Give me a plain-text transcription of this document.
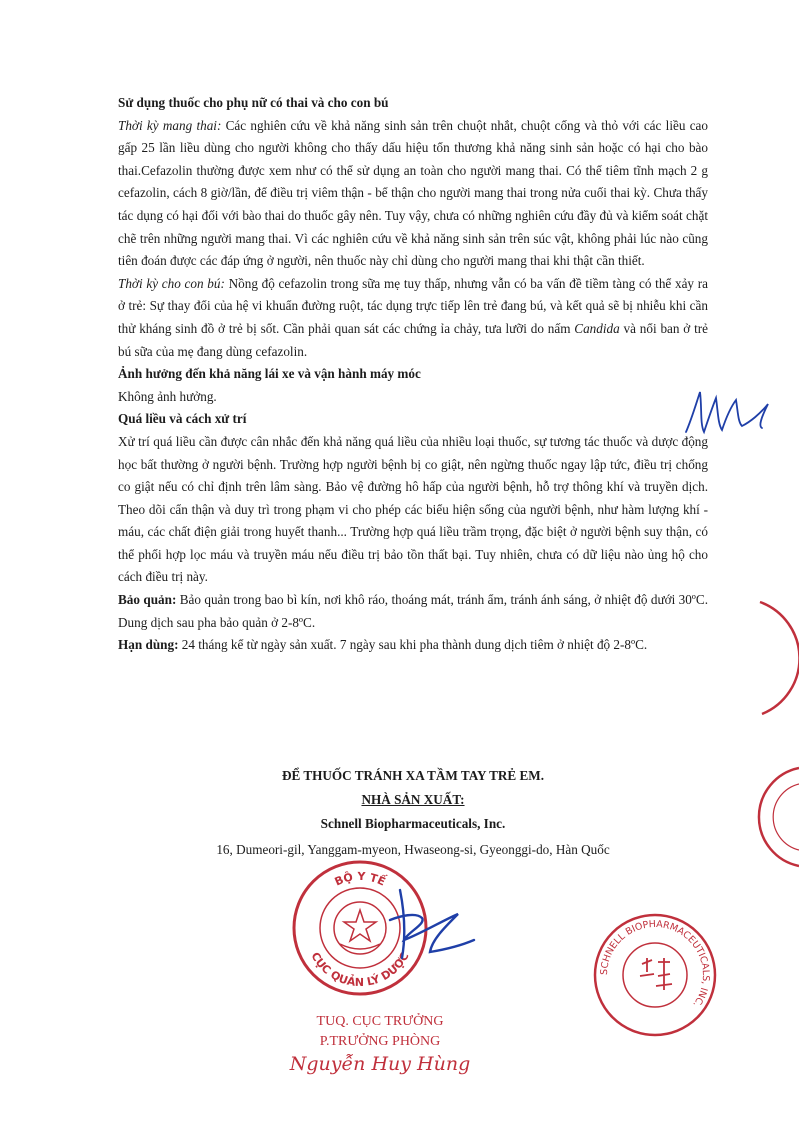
Sử dụng thuốc cho phụ nữ có thai và cho con bú

Thời kỳ mang thai: Các nghiên cứu về khả năng sinh sản trên chuột nhắt, chuột cống và thỏ với các liều cao gấp 25 lần liều dùng cho người không cho thấy dấu hiệu tổn thương khả năng sinh sản hoặc có hại cho bào thai.Cefazolin thường được xem như có thể sử dụng an toàn cho người mang thai. Có thể tiêm tĩnh mạch 2 g cefazolin, cách 8 giờ/lần, để điều trị viêm thận - bể thận cho người mang thai trong nửa cuối thai kỳ. Chưa thấy tác dụng có hại đối với bào thai do thuốc gây nên. Tuy vậy, chưa có những nghiên cứu đầy đủ và kiểm soát chặt chẽ trên những người mang thai. Vì các nghiên cứu về khả năng sinh sản trên súc vật, không phải lúc nào cũng tiên đoán được các đáp ứng ở người, nên thuốc này chỉ dùng cho người mang thai khi thật cần thiết.

Thời kỳ cho con bú: Nồng độ cefazolin trong sữa mẹ tuy thấp, nhưng vẫn có ba vấn đề tiềm tàng có thể xảy ra ở trẻ: Sự thay đổi của hệ vi khuẩn đường ruột, tác dụng trực tiếp lên trẻ đang bú, và kết quả sẽ bị nhiễu khi cần thử kháng sinh đồ ở trẻ bị sốt. Cần phải quan sát các chứng ỉa chảy, tưa lưỡi do nấm Candida và nổi ban ở trẻ bú sữa của mẹ đang dùng cefazolin.

Ảnh hưởng đến khả năng lái xe và vận hành máy móc

Không ảnh hưởng.

Quá liều và cách xử trí

Xử trí quá liều cần được cân nhắc đến khả năng quá liều của nhiều loại thuốc, sự tương tác thuốc và dược động học bất thường ở người bệnh. Trường hợp người bệnh bị co giật, nên ngừng thuốc ngay lập tức, điều trị chống co giật nếu có chỉ định trên lâm sàng. Bảo vệ đường hô hấp của người bệnh, hỗ trợ thông khí và truyền dịch. Theo dõi cẩn thận và duy trì trong phạm vi cho phép các biểu hiện sống của người bệnh, như hàm lượng khí - máu, các chất điện giải trong huyết thanh... Trường hợp quá liều trầm trọng, đặc biệt ở người bệnh suy thận, có thể phối hợp lọc máu và truyền máu nếu điều trị bảo tồn thất bại. Tuy nhiên, chưa có dữ liệu nào ủng hộ cho cách điều trị này.

Bảo quản: Bảo quản trong bao bì kín, nơi khô ráo, thoáng mát, tránh ẩm, tránh ánh sáng, ở nhiệt độ dưới 30ºC. Dung dịch sau pha bảo quản ở 2-8ºC.

Hạn dùng: 24 tháng kể từ ngày sản xuất. 7 ngày sau khi pha thành dung dịch tiêm ở nhiệt độ 2-8ºC.

ĐỂ THUỐC TRÁNH XA TẦM TAY TRẺ EM.
NHÀ SẢN XUẤT:
Schnell Biopharmaceuticals, Inc.
16, Dumeori-gil, Yanggam-myeon, Hwaseong-si, Gyeonggi-do, Hàn Quốc
BỘ Y TẾ
CỤC QUẢN LÝ DƯỢC
TUQ. CỤC TRƯỞNG
P.TRƯỞNG PHÒNG
Nguyễn Huy Hùng
SCHNELL BIOPHARMACEUTICALS, INC.
